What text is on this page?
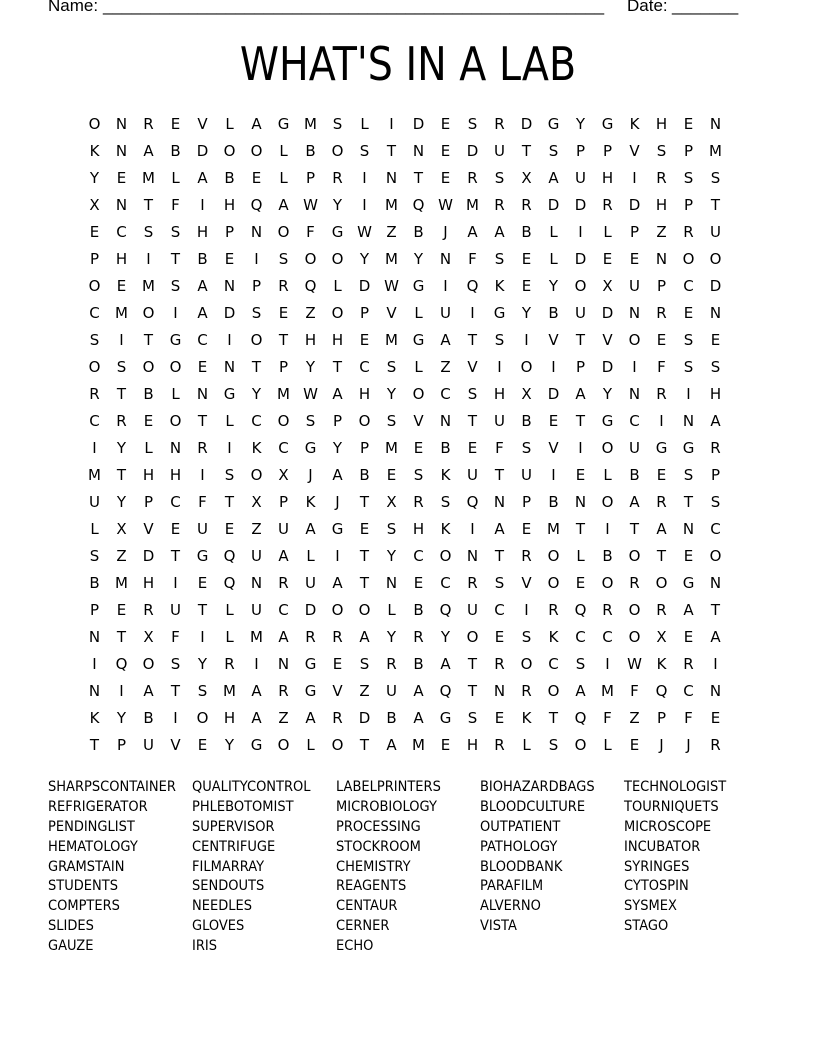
Name:

_____________________________________________________

Date:

_______

WHAT'S IN A LAB
O	N	R	E	V	L	A	G M	S	L	I	D	E	S	R	D	G	Y	G	K	H	E	N
K	N	A	B	D	O	O	L	B	O	S	T	N	E	D	U	T	S	P	P	V	S	P	M
Y	E	M	L	A	B	E	L	P	R	I	N	T	E	R	S	X	A	U	H	I	R	S	S
X	N	T	F	I	H	Q	A W Y	I	M Q W M	R	R	D	D	R	D	H	P	T
E	C	S	S	H	P	N	O	F	G W Z	B	J	A	A	B	L	I	L	P	Z	R	U
P	H	I	T	B	E	I	S	O	O	Y	M	Y	N	F	S	E	L	D	E	E	N	O	O
O	E	M	S	A	N	P	R	Q	L	D W G	I	Q	K	E	Y	O	X	U	P	C	D
C	M O	I	A	D	S	E	Z	O	P	V	L	U	I	G	Y	B	U	D	N	R	E	N
S	I	T	G	C	I	O	T	H	H	E	M G	A	T	S	I	V	T	V	O	E	S	E
O	S	O	O	E	N	T	P	Y	T	C	S	L	Z	V	I	O	I	P	D	I	F	S	S
R	T	B	L	N	G	Y	M W A	H	Y	O	C	S	H	X	D	A	Y	N	R	I	H
C	R	E	O	T	L	C	O	S	P	O	S	V	N	T	U	B	E	T	G	C	I	N	A
I	Y	L	N	R	I	K	C	G	Y	P	M	E	B	E	F	S	V	I	O	U	G	G	R
M	T	H	H	I	S	O	X	J	A	B	E	S	K	U	T	U	I	E	L	B	E	S	P
U	Y	P	C	F	T	X	P	K	J	T	X	R	S	Q	N	P	B	N	O	A	R	T	S
L	X	V	E	U	E	Z	U	A	G	E	S	H	K	I	A	E	M	T	I	T	A	N	C
S	Z	D	T	G	Q	U	A	L	I	T	Y	C	O	N	T	R	O	L	B	O	T	E	O
B	M H	I	E	Q	N	R	U	A	T	N	E	C	R	S	V	O	E	O	R	O	G	N
P	E	R	U	T	L	U	C	D	O	O	L	B	Q	U	C	I	R	Q	R	O	R	A	T
N	T	X	F	I	L	M	A	R	R	A	Y	R	Y	O	E	S	K	C	C	O	X	E	A
I	Q	O	S	Y	R	I	N	G	E	S	R	B	A	T	R	O	C	S	I	W K	R	I
N	I	A	T	S	M	A	R	G	V	Z	U	A	Q	T	N	R	O	A	M	F	Q	C	N
K	Y	B	I	O	H	A	Z	A	R	D	B	A	G	S	E	K	T	Q	F	Z	P	F	E
T	P	U	V	E	Y	G	O	L	O	T	A	M	E	H	R	L	S	O	L	E	J	J	R
SHARPSCONTAINER
REFRIGERATOR
PENDINGLIST
HEMATOLOGY
GRAMSTAIN
STUDENTS
COMPTERS
SLIDES
GAUZE
QUALITYCONTROL
PHLEBOTOMIST
SUPERVISOR
CENTRIFUGE
FILMARRAY
SENDOUTS
NEEDLES
GLOVES
IRIS
LABELPRINTERS
MICROBIOLOGY
PROCESSING
STOCKROOM
CHEMISTRY
REAGENTS
CENTAUR
CERNER
ECHO
BIOHAZARDBAGS
BLOODCULTURE
OUTPATIENT
PATHOLOGY
BLOODBANK
PARAFILM
ALVERNO
VISTA
TECHNOLOGIST
TOURNIQUETS
MICROSCOPE
INCUBATOR
SYRINGES
CYTOSPIN
SYSMEX
STAGO
